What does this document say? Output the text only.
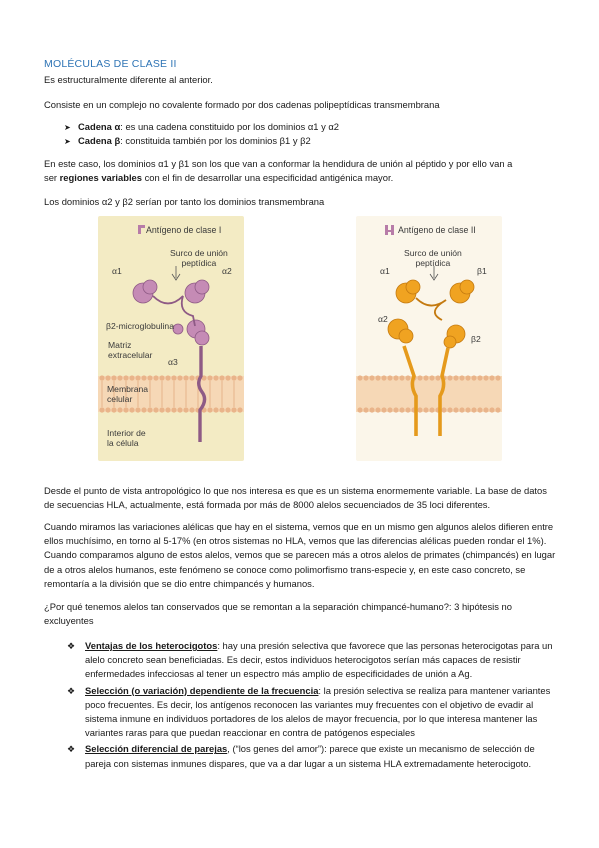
MOLÉCULAS DE CLASE II
Es estructuralmente diferente al anterior.
Consiste en un complejo no covalente formado por dos cadenas polipeptídicas transmembrana
➤ Cadena α: es una cadena constituido por los dominios α1 y α2
➤ Cadena β: constituida también por los dominios β1 y β2
En este caso, los dominios α1 y β1 son los que van a conformar la hendidura de unión al péptido y por ello van a
ser regiones variables con el fin de desarrollar una especificidad antigénica mayor.
Los dominios α2 y β2 serían por tanto los dominios transmembrana
Antígeno de clase I
Surco de unión
peptídica
α1	α2
β2-microglobulina
Matriz
extracelular
α3
Membrana
celular
Interior de
la célula
Antígeno de clase II
Surco de unión
peptídica
α1	β1
α2
β2
Desde el punto de vista antropológico lo que nos interesa es que es un sistema enormemente variable. La base de datos de secuencias HLA, actualmente, está formada por más de 8000 alelos secuenciados de 35 loci diferentes.
Cuando miramos las variaciones alélicas que hay en el sistema, vemos que en un mismo gen algunos alelos difieren entre ellos muchísimo, en torno al 5-17% (en otros sistemas no HLA, vemos que las diferencias alélicas pueden rondar el 1%). Cuando comparamos alguno de estos alelos, vemos que se parecen más a otros alelos de primates (chimpancés) en lugar de a otros alelos humanos, este fenómeno se conoce como polimorfismo trans-especie y, en este caso concreto, se remontaría a la división que se dio entre chimpancés y humanos.
¿Por qué tenemos alelos tan conservados que se remontan a la separación chimpancé-humano?: 3 hipótesis no excluyentes
❖ Ventajas de los heterocigotos: hay una presión selectiva que favorece que las personas heterocigotas para un alelo concreto sean beneficiadas. Es decir, estos individuos heterocigotos serían más capaces de resistir enfermedades infecciosas al tener un espectro más amplio de especificidades de unión a Ag.
❖ Selección (o variación) dependiente de la frecuencia: la presión selectiva se realiza para mantener variantes poco frecuentes. Es decir, los antígenos reconocen las variantes muy frecuentes con el objetivo de evadir al sistema inmune en individuos portadores de los alelos de mayor frecuencia, por lo que interesa mantener las variantes raras para que puedan reaccionar en contra de patógenos especiales
❖ Selección diferencial de parejas, (“los genes del amor”): parece que existe un mecanismo de selección de pareja con sistemas inmunes dispares, que va a dar lugar a un sistema HLA extremadamente heterocigoto.
